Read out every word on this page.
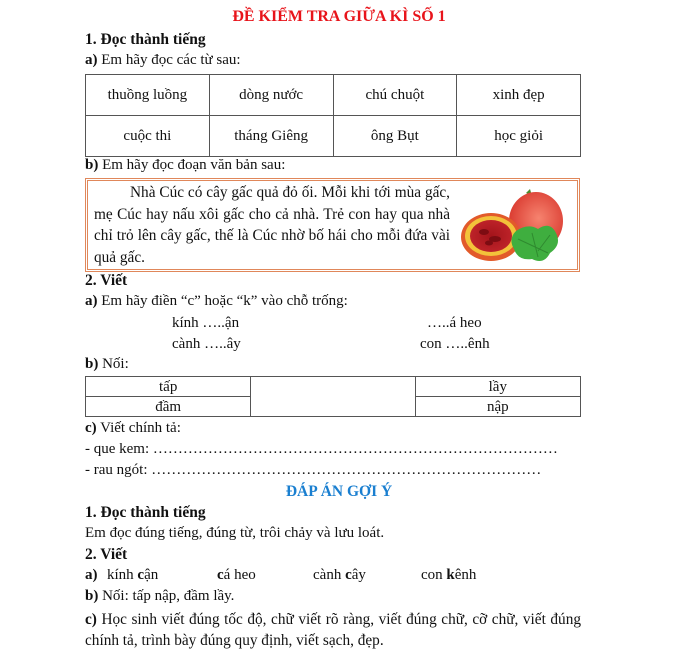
ĐỀ KIỂM TRA GIỮA KÌ SỐ 1
1. Đọc thành tiếng
a) Em hãy đọc các từ sau:
thuồng luồng	dòng nước	chú chuột	xinh đẹp
cuộc thi	tháng Giêng	ông Bụt	học giỏi
b) Em hãy đọc đoạn văn bản sau:
Nhà Cúc có cây gấc quả đỏ ối. Mỗi khi tới mùa gấc, mẹ Cúc hay nấu xôi gấc cho cả nhà. Trẻ con hay qua nhà chỉ trỏ lên cây gấc, thế là Cúc nhờ bố hái cho mỗi đứa vài quả gấc.
2. Viết
a) Em hãy điền “c” hoặc “k” vào chỗ trống:
kính …..ận	…..á heo
cành …..ây	con …..ênh
b) Nối:
tấp		lầy
đầm		nập
c) Viết chính tả:
- que kem: ………………………………………………………………………
- rau ngót: ……………………………………………………………………
ĐÁP ÁN GỢI Ý
1. Đọc thành tiếng
Em đọc đúng tiếng, đúng từ, trôi chảy và lưu loát.
2. Viết
a) kính cận	cá heo	cành cây	con kênh
b) Nối: tấp nập, đầm lầy.
c) Học sinh viết đúng tốc độ, chữ viết rõ ràng, viết đúng chữ, cỡ chữ, viết đúng chính tả, trình bày đúng quy định, viết sạch, đẹp.
